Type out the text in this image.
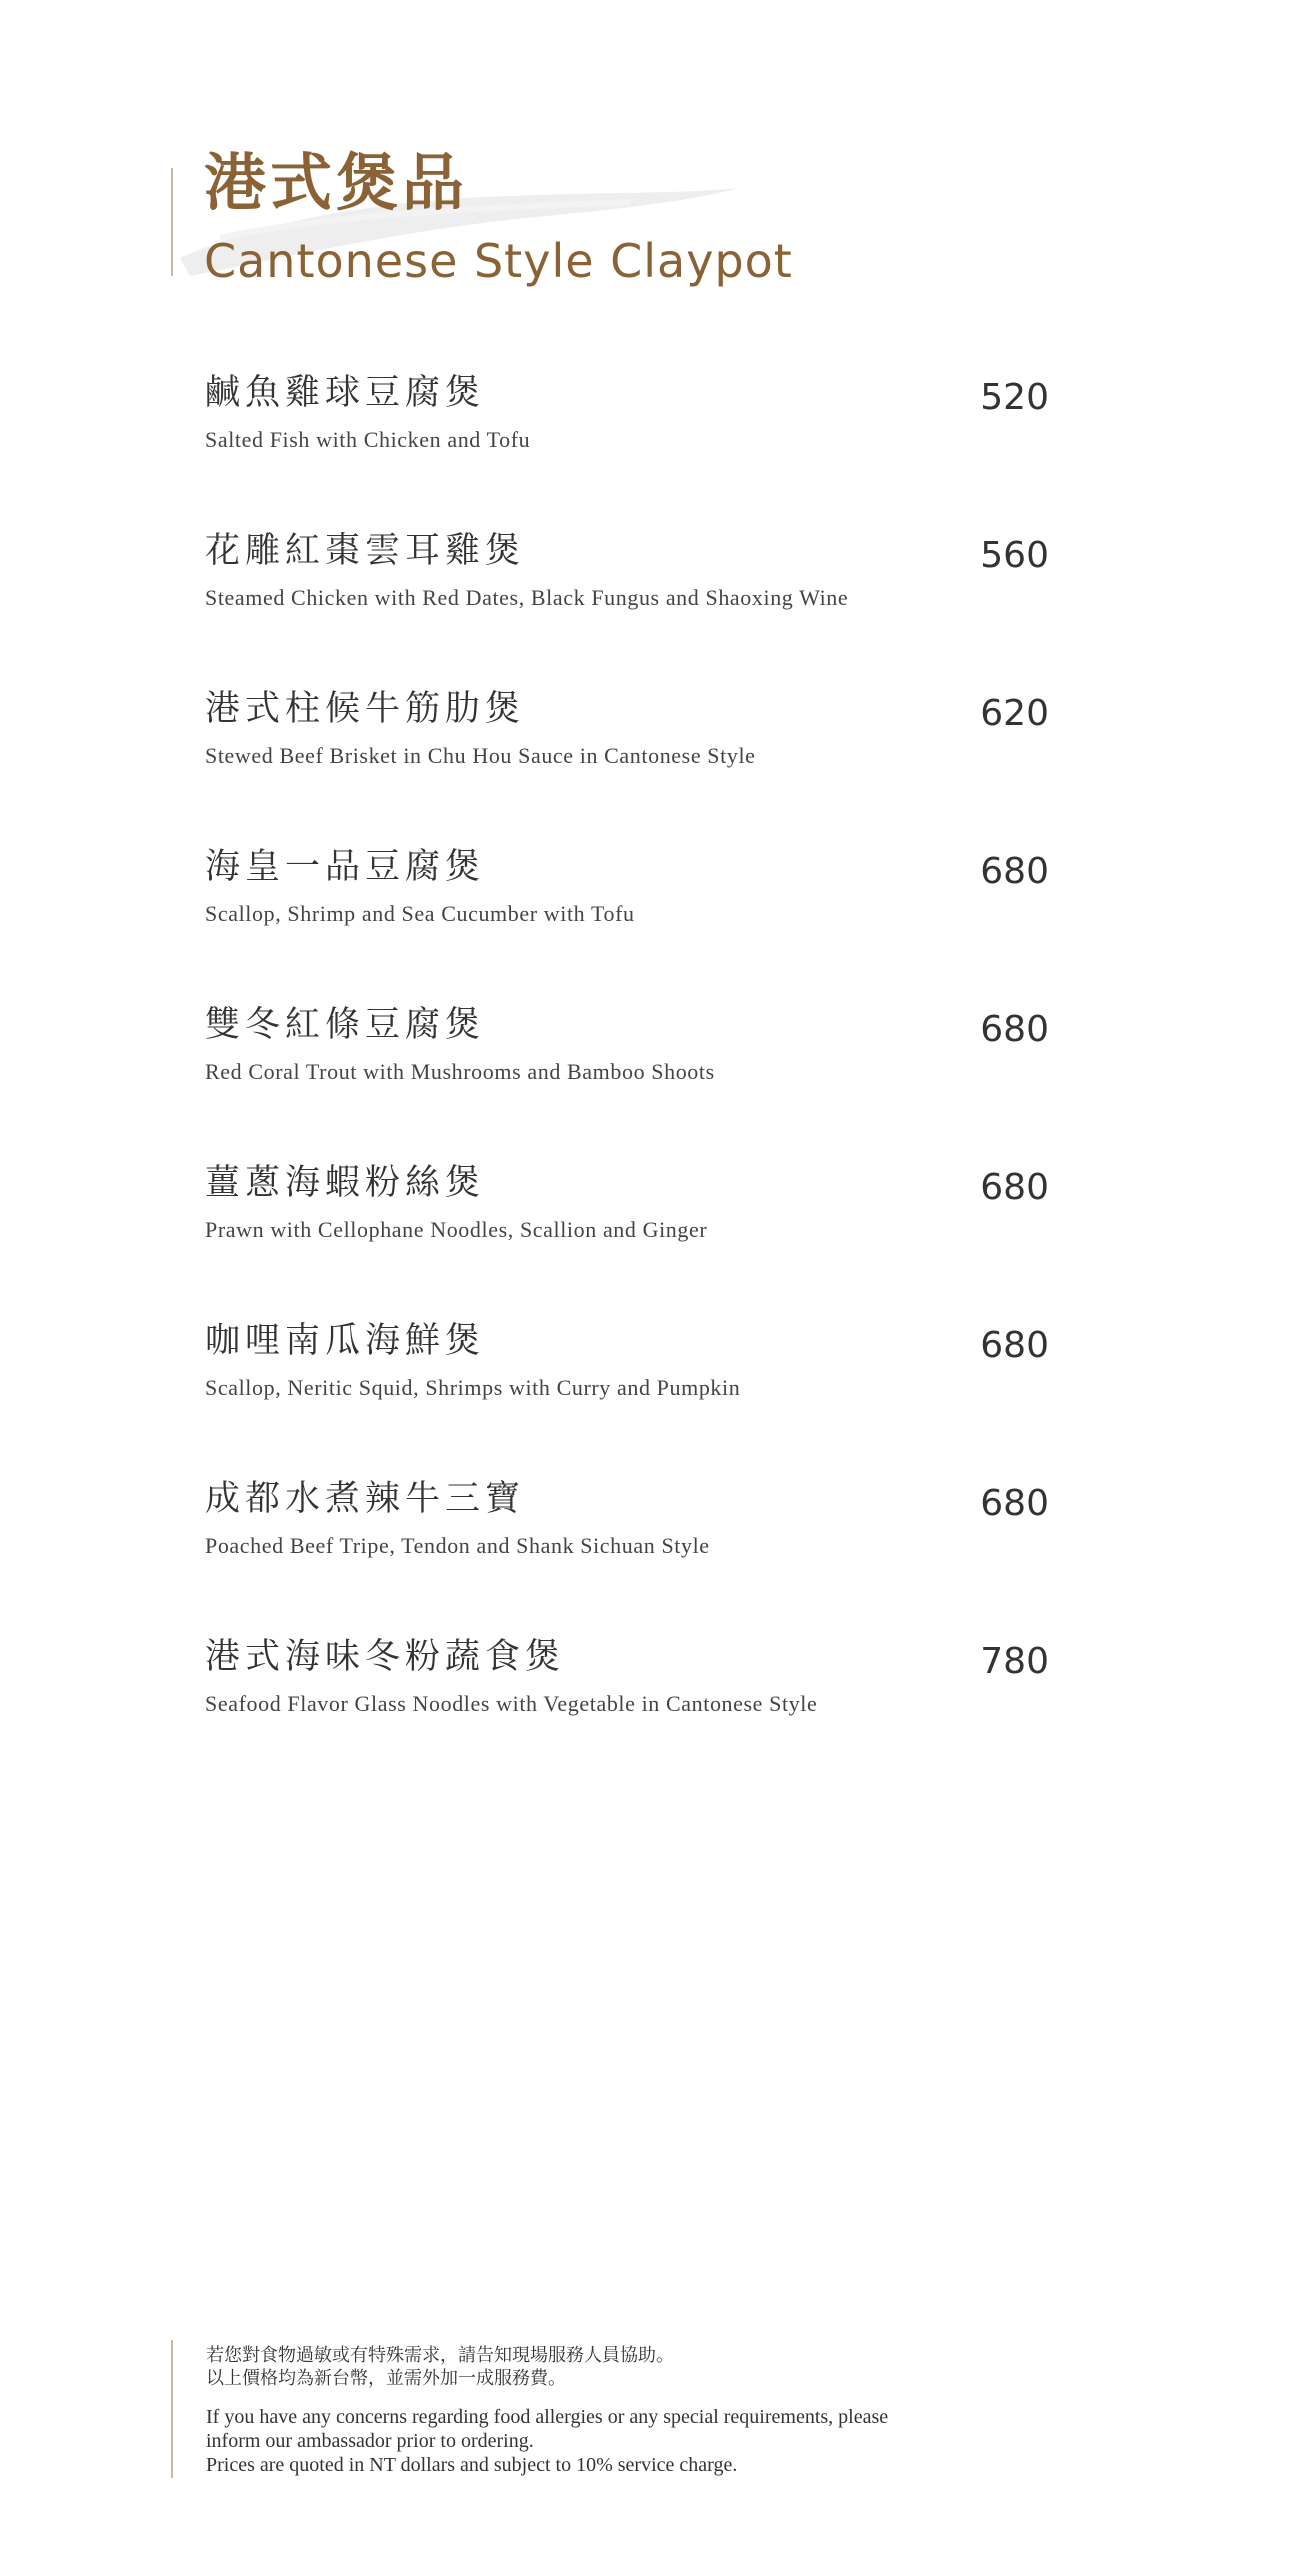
港式煲品
Cantonese Style Claypot
鹹魚雞球豆腐煲
Salted Fish with Chicken and Tofu
520
花雕紅棗雲耳雞煲
Steamed Chicken with Red Dates, Black Fungus and Shaoxing Wine
560
港式柱候牛筋肋煲
Stewed Beef Brisket in Chu Hou Sauce in Cantonese Style
620
海皇一品豆腐煲
Scallop, Shrimp and Sea Cucumber with Tofu
680
雙冬紅條豆腐煲
Red Coral Trout with Mushrooms and Bamboo Shoots
680
薑蔥海蝦粉絲煲
Prawn with Cellophane Noodles, Scallion and Ginger
680
咖哩南瓜海鮮煲
Scallop, Neritic Squid, Shrimps with Curry and Pumpkin
680
成都水煮辣牛三寶
Poached Beef Tripe, Tendon and Shank Sichuan Style
680
港式海味冬粉蔬食煲
Seafood Flavor Glass Noodles with Vegetable in Cantonese Style
780
若您對食物過敏或有特殊需求，請告知現場服務人員協助。
以上價格均為新台幣，並需外加一成服務費。
If you have any concerns regarding food allergies or any special requirements, please
inform our ambassador prior to ordering.
Prices are quoted in NT dollars and subject to 10% service charge.
